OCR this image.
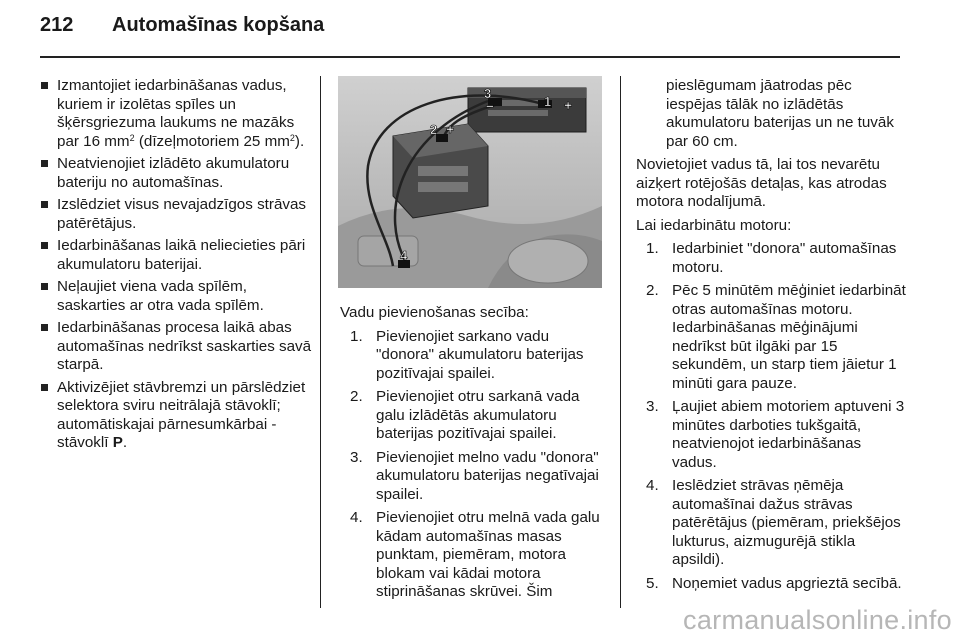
212 Automašīnas kopšana
Izmantojiet iedarbināšanas vadus, kuriem ir izolētas spīles un šķērsgriezuma laukums ne mazāks par 16 $mm^2$ (dīzeļmotoriem 25 $mm^2$).
Neatvienojiet izlādēto akumulatoru bateriju no automašīnas.
Izslēdziet visus nevajadzīgos strāvas patērētājus.
Iedarbināšanas laikā neliecieties pāri akumulatoru baterijai.
Neļaujiet viena vada spīlēm, saskarties ar otra vada spīlēm.
Iedarbināšanas procesa laikā abas automašīnas nedrīkst saskarties savā starpā.
Aktivizējiet stāvbremzi un pārslēdziet selektora sviru neitrālajā stāvoklī; automātiskajai pārnesumkārbai - stāvoklī P.
+
–	1
2
3
4
+
Vadu pievienošanas secība:
1. Pievienojiet sarkano vadu "donora" akumulatoru baterijas pozitīvajai spailei.
2. Pievienojiet otru sarkanā vada galu izlādētās akumulatoru baterijas pozitīvajai spailei.
3. Pievienojiet melno vadu "donora" akumulatoru baterijas negatīvajai spailei.
4. Pievienojiet otru melnā vada galu kādam automašīnas masas punktam, piemēram, motora blokam vai kādai motora stiprināšanas skrūvei. Šim
pieslēgumam jāatrodas pēc iespējas tālāk no izlādētās akumulatoru baterijas un ne tuvāk par 60 cm.
Novietojiet vadus tā, lai tos nevarētu aizķert rotējošās detaļas, kas atrodas motora nodalījumā.
Lai iedarbinātu motoru:
1. Iedarbiniet "donora" automašīnas motoru.
2. Pēc 5 minūtēm mēģiniet iedarbināt otras automašīnas motoru. Iedarbināšanas mēģinājumi nedrīkst būt ilgāki par 15 sekundēm, un starp tiem jāietur 1 minūti gara pauze.
3. Ļaujiet abiem motoriem aptuveni 3 minūtes darboties tukšgaitā, neatvienojot iedarbināšanas vadus.
4. Ieslēdziet strāvas ņēmēja automašīnai dažus strāvas patērētājus (piemēram, priekšējos lukturus, aizmugurējā stikla apsildi).
5. Noņemiet vadus apgrieztā secībā.
carmanualsonline.info
